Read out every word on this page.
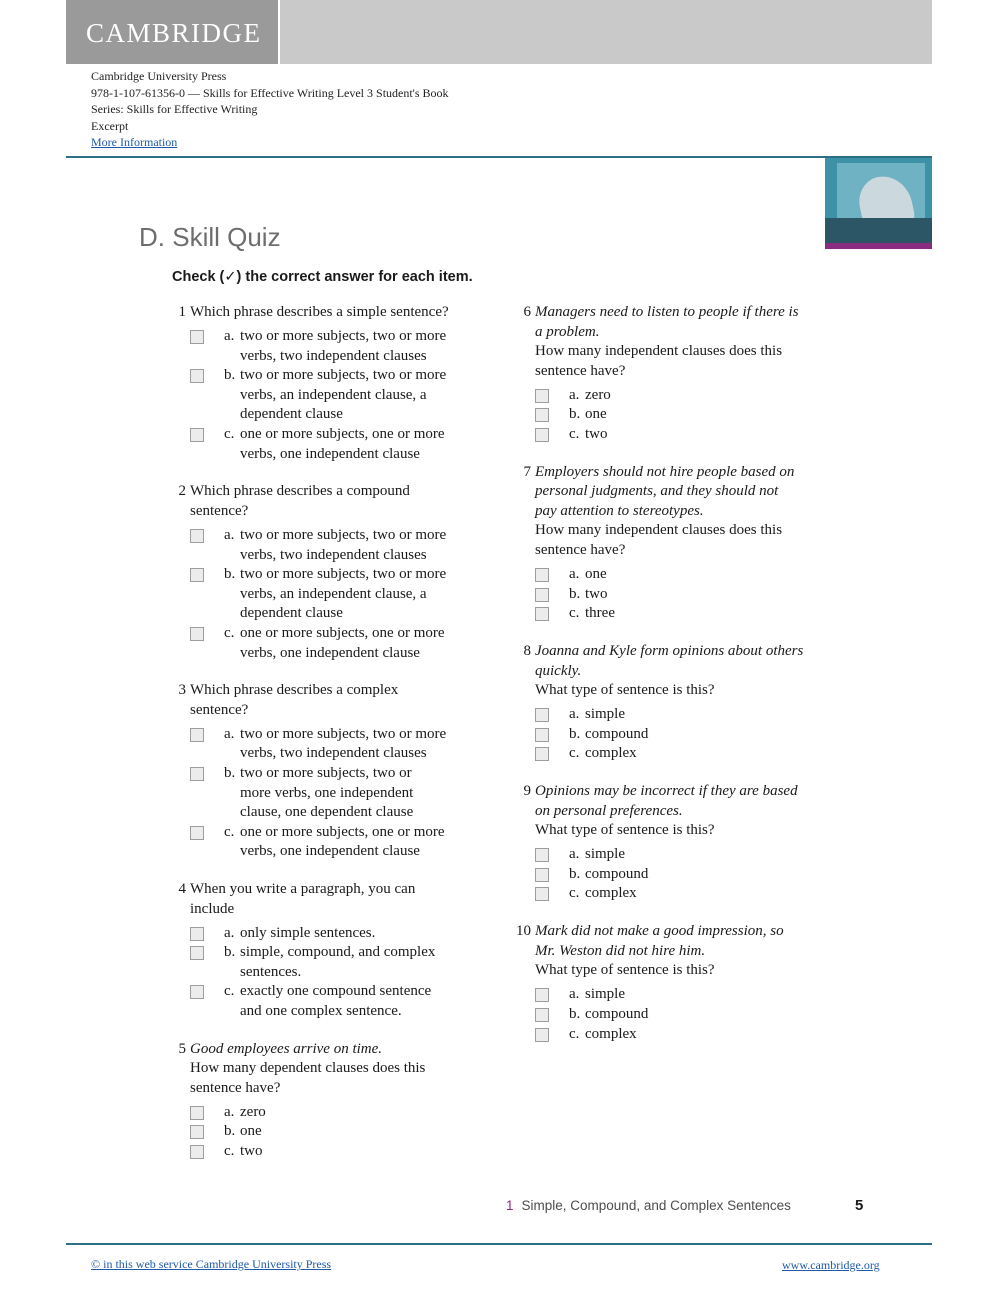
CAMBRIDGE
Cambridge University Press
978-1-107-61356-0 — Skills for Effective Writing Level 3 Student's Book
Series: Skills for Effective Writing
Excerpt
More Information
D. Skill Quiz
Check (✓) the correct answer for each item.
1 Which phrase describes a simple sentence?
a. two or more subjects, two or more
verbs, two independent clauses
b. two or more subjects, two or more
verbs, an independent clause, a
dependent clause
c. one or more subjects, one or more
verbs, one independent clause
2 Which phrase describes a compound
sentence?
a. two or more subjects, two or more
verbs, two independent clauses
b. two or more subjects, two or more
verbs, an independent clause, a
dependent clause
c. one or more subjects, one or more
verbs, one independent clause
3 Which phrase describes a complex
sentence?
a. two or more subjects, two or more
verbs, two independent clauses
b. two or more subjects, two or
more verbs, one independent
clause, one dependent clause
c. one or more subjects, one or more
verbs, one independent clause
4 When you write a paragraph, you can
include
a. only simple sentences.
b. simple, compound, and complex
sentences.
c. exactly one compound sentence
and one complex sentence.
5 Good employees arrive on time.
How many dependent clauses does this
sentence have?
a. zero
b. one
c. two
6 Managers need to listen to people if there is
a problem.
How many independent clauses does this
sentence have?
a. zero
b. one
c. two
7 Employers should not hire people based on
personal judgments, and they should not
pay attention to stereotypes.
How many independent clauses does this
sentence have?
a. one
b. two
c. three
8 Joanna and Kyle form opinions about others
quickly.
What type of sentence is this?
a. simple
b. compound
c. complex
9 Opinions may be incorrect if they are based
on personal preferences.
What type of sentence is this?
a. simple
b. compound
c. complex
10 Mark did not make a good impression, so
Mr. Weston did not hire him.
What type of sentence is this?
a. simple
b. compound
c. complex
1 Simple, Compound, and Complex Sentences	5
© in this web service Cambridge University Press	www.cambridge.org
